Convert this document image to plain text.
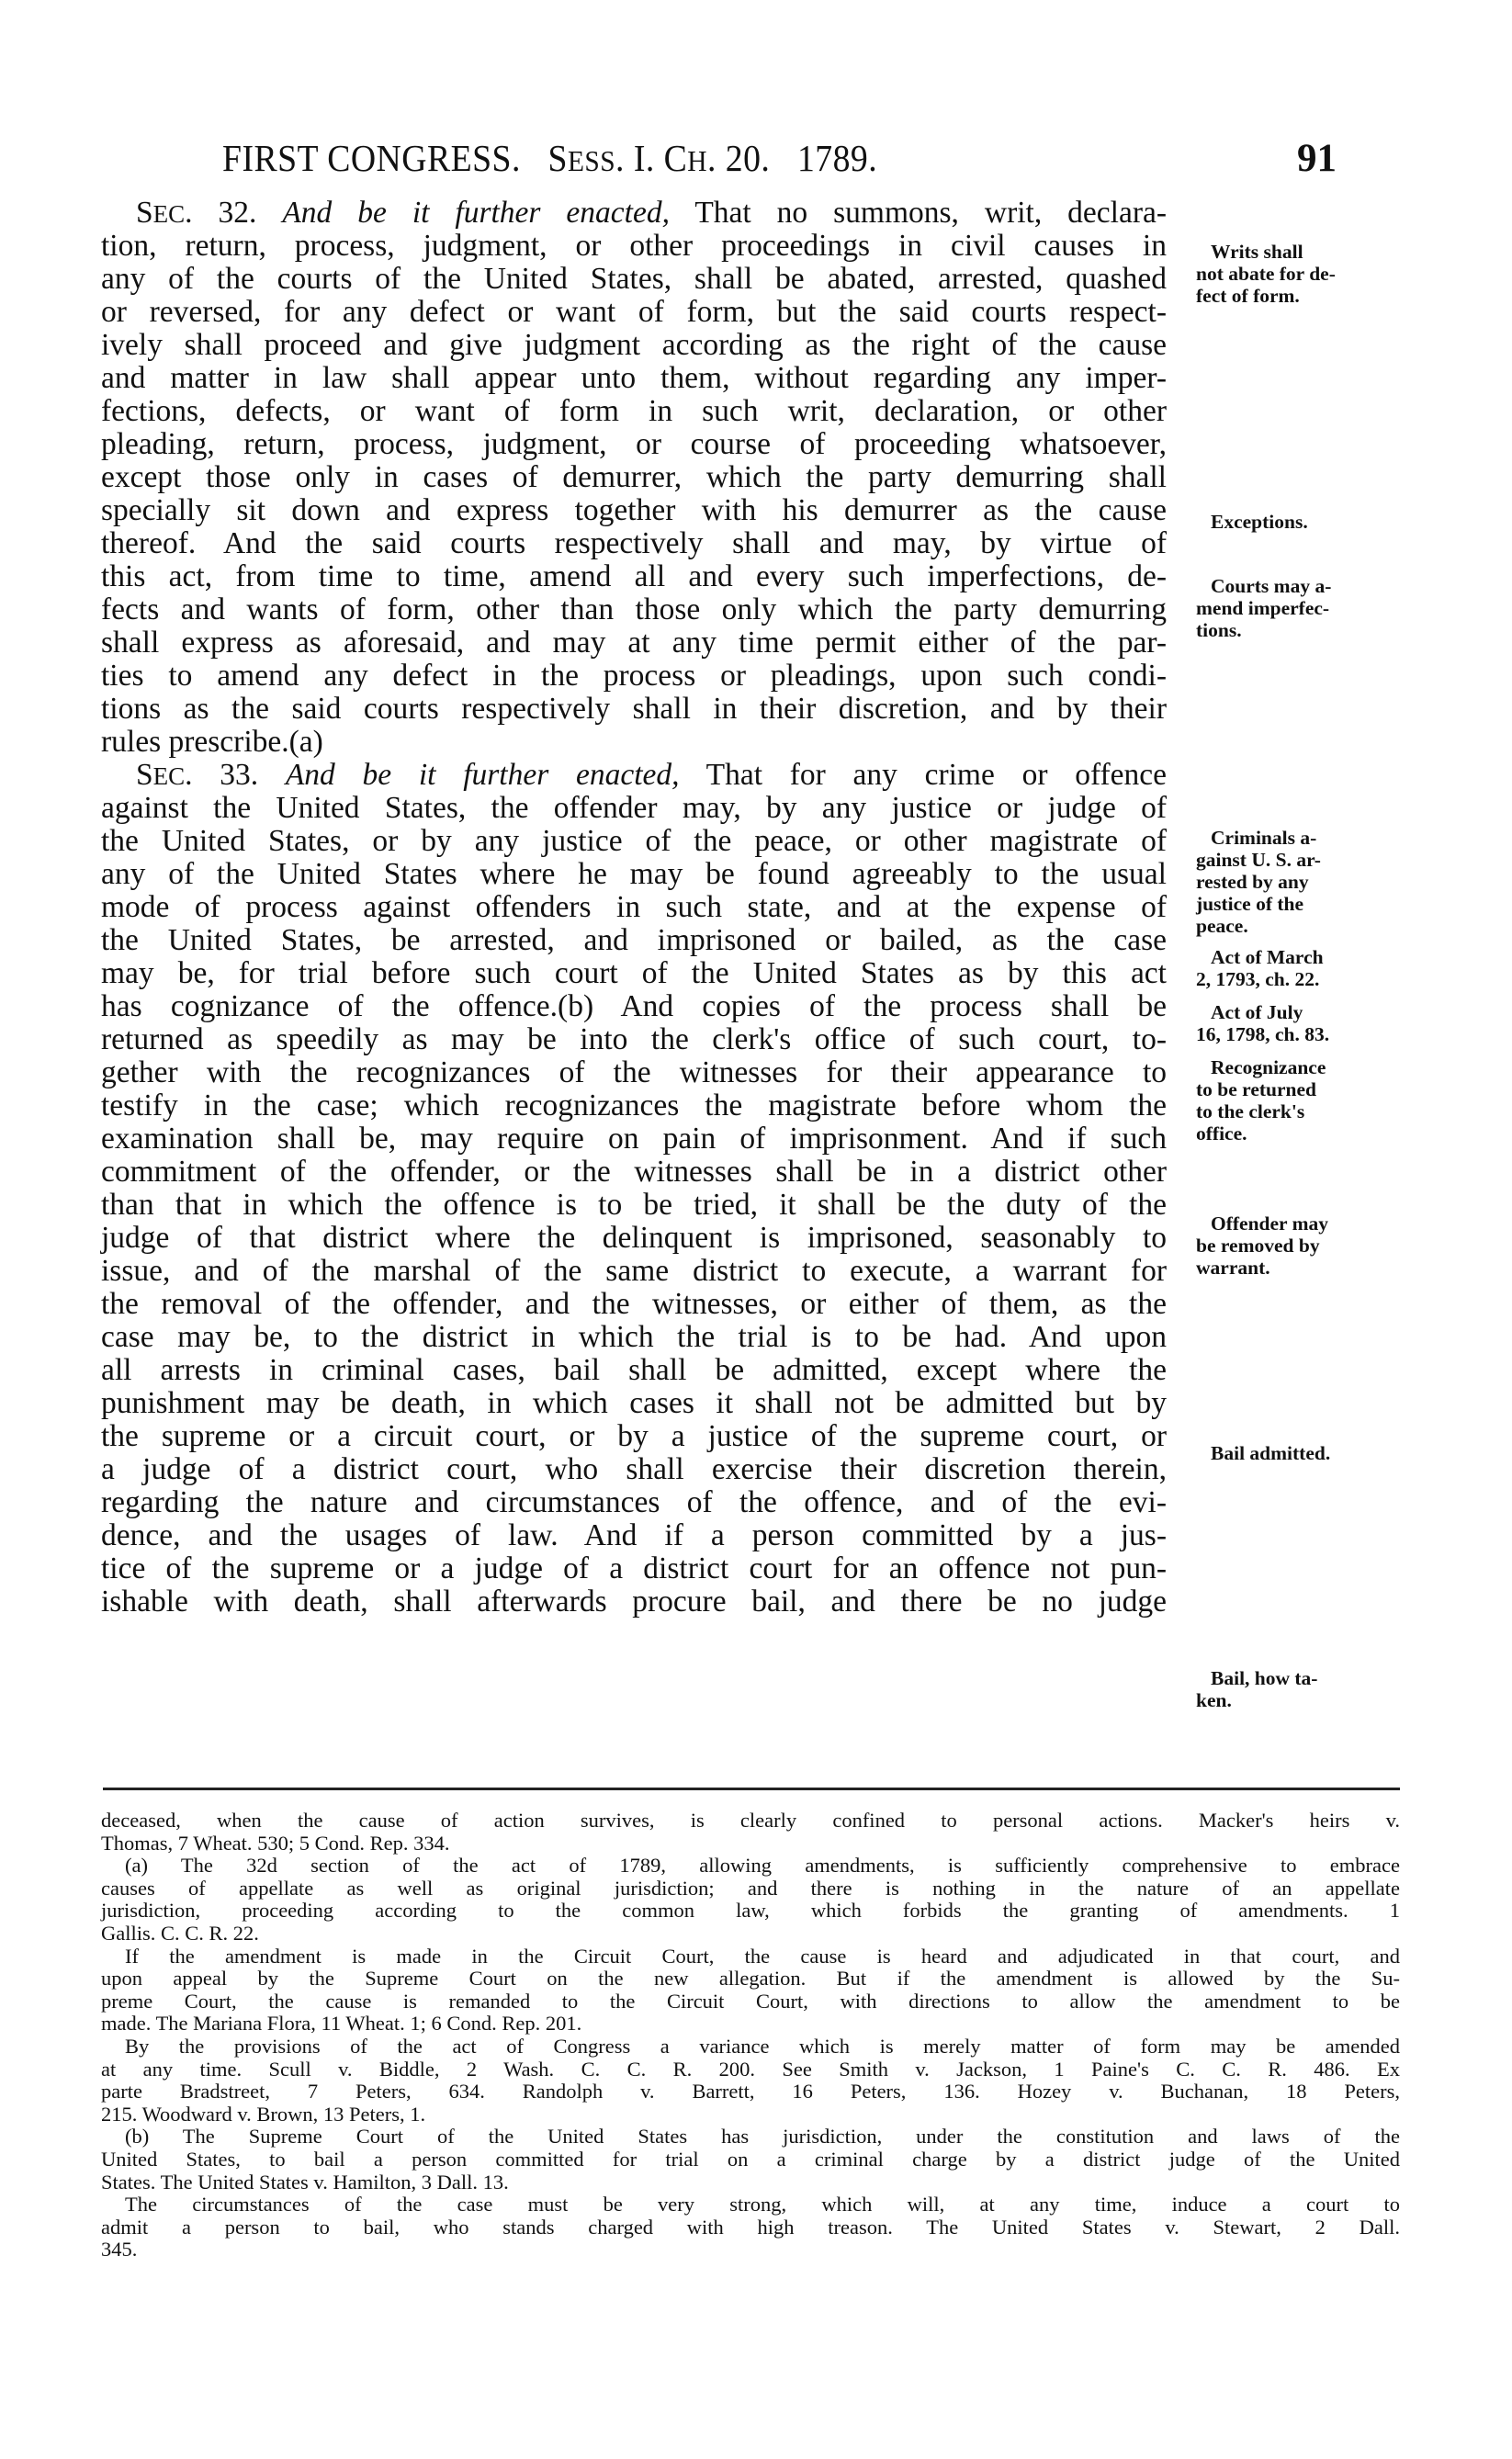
FIRST CONGRESS. SESS. I. CH. 20. 1789.	91
SEC. 32. And be it further enacted, That no summons, writ, declara-
tion, return, process, judgment, or other proceedings in civil causes in
any of the courts of the United States, shall be abated, arrested, quashed
or reversed, for any defect or want of form, but the said courts respect-
ively shall proceed and give judgment according as the right of the cause
and matter in law shall appear unto them, without regarding any imper-
fections, defects, or want of form in such writ, declaration, or other
pleading, return, process, judgment, or course of proceeding whatsoever,
except those only in cases of demurrer, which the party demurring shall
specially sit down and express together with his demurrer as the cause
thereof. And the said courts respectively shall and may, by virtue of
this act, from time to time, amend all and every such imperfections, de-
fects and wants of form, other than those only which the party demurring
shall express as aforesaid, and may at any time permit either of the par-
ties to amend any defect in the process or pleadings, upon such condi-
tions as the said courts respectively shall in their discretion, and by their
rules prescribe.(a)
SEC. 33. And be it further enacted, That for any crime or offence
against the United States, the offender may, by any justice or judge of
the United States, or by any justice of the peace, or other magistrate of
any of the United States where he may be found agreeably to the usual
mode of process against offenders in such state, and at the expense of
the United States, be arrested, and imprisoned or bailed, as the case
may be, for trial before such court of the United States as by this act
has cognizance of the offence.(b) And copies of the process shall be
returned as speedily as may be into the clerk's office of such court, to-
gether with the recognizances of the witnesses for their appearance to
testify in the case; which recognizances the magistrate before whom the
examination shall be, may require on pain of imprisonment. And if such
commitment of the offender, or the witnesses shall be in a district other
than that in which the offence is to be tried, it shall be the duty of the
judge of that district where the delinquent is imprisoned, seasonably to
issue, and of the marshal of the same district to execute, a warrant for
the removal of the offender, and the witnesses, or either of them, as the
case may be, to the district in which the trial is to be had. And upon
all arrests in criminal cases, bail shall be admitted, except where the
punishment may be death, in which cases it shall not be admitted but by
the supreme or a circuit court, or by a justice of the supreme court, or
a judge of a district court, who shall exercise their discretion therein,
regarding the nature and circumstances of the offence, and of the evi-
dence, and the usages of law. And if a person committed by a jus-
tice of the supreme or a judge of a district court for an offence not pun-
ishable with death, shall afterwards procure bail, and there be no judge
Writs shall
not abate for de-
fect of form.
Exceptions.
Courts may a-
mend imperfec-
tions.
Criminals a-
gainst U. S. ar-
rested by any
justice of the
peace.
Act of March
2, 1793, ch. 22.
Act of July
16, 1798, ch. 83.
Recognizance
to be returned
to the clerk's
office.
Offender may
be removed by
warrant.
Bail admitted.
Bail, how ta-
ken.
deceased, when the cause of action survives, is clearly confined to personal actions. Macker's heirs v.
Thomas, 7 Wheat. 530; 5 Cond. Rep. 334.
(a) The 32d section of the act of 1789, allowing amendments, is sufficiently comprehensive to embrace
causes of appellate as well as original jurisdiction; and there is nothing in the nature of an appellate
jurisdiction, proceeding according to the common law, which forbids the granting of amendments. 1
Gallis. C. C. R. 22.
If the amendment is made in the Circuit Court, the cause is heard and adjudicated in that court, and
upon appeal by the Supreme Court on the new allegation. But if the amendment is allowed by the Su-
preme Court, the cause is remanded to the Circuit Court, with directions to allow the amendment to be
made. The Mariana Flora, 11 Wheat. 1; 6 Cond. Rep. 201.
By the provisions of the act of Congress a variance which is merely matter of form may be amended
at any time. Scull v. Biddle, 2 Wash. C. C. R. 200. See Smith v. Jackson, 1 Paine's C. C. R. 486. Ex
parte Bradstreet, 7 Peters, 634. Randolph v. Barrett, 16 Peters, 136. Hozey v. Buchanan, 18 Peters,
215. Woodward v. Brown, 13 Peters, 1.
(b) The Supreme Court of the United States has jurisdiction, under the constitution and laws of the
United States, to bail a person committed for trial on a criminal charge by a district judge of the United
States. The United States v. Hamilton, 3 Dall. 13.
The circumstances of the case must be very strong, which will, at any time, induce a court to
admit a person to bail, who stands charged with high treason. The United States v. Stewart, 2 Dall.
345.
